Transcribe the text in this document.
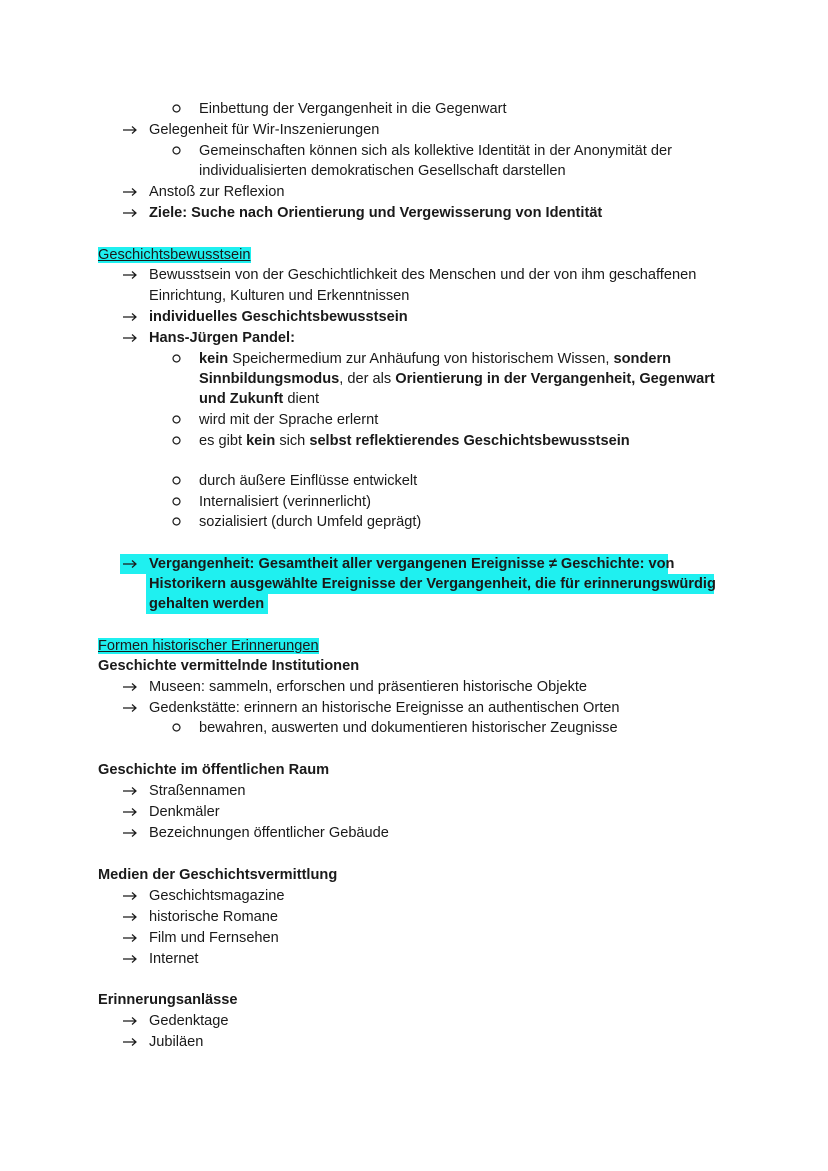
Einbettung der Vergangenheit in die Gegenwart
Gelegenheit für Wir-Inszenierungen
Gemeinschaften können sich als kollektive Identität in der Anonymität der
individualisierten demokratischen Gesellschaft darstellen
Anstoß zur Reflexion
Ziele: Suche nach Orientierung und Vergewisserung von Identität
Geschichtsbewusstsein
Bewusstsein von der Geschichtlichkeit des Menschen und der von ihm geschaffenen
Einrichtung, Kulturen und Erkenntnissen
individuelles Geschichtsbewusstsein
Hans-Jürgen Pandel:
kein Speichermedium zur Anhäufung von historischem Wissen, sondern
Sinnbildungsmodus, der als Orientierung in der Vergangenheit, Gegenwart
und Zukunft dient
wird mit der Sprache erlernt
es gibt kein sich selbst reflektierendes Geschichtsbewusstsein
durch äußere Einflüsse entwickelt
Internalisiert (verinnerlicht)
sozialisiert (durch Umfeld geprägt)
Vergangenheit: Gesamtheit aller vergangenen Ereignisse ≠ Geschichte: von
Historikern ausgewählte Ereignisse der Vergangenheit, die für erinnerungswürdig
gehalten werden
Formen historischer Erinnerungen
Geschichte vermittelnde Institutionen
Museen: sammeln, erforschen und präsentieren historische Objekte
Gedenkstätte: erinnern an historische Ereignisse an authentischen Orten
bewahren, auswerten und dokumentieren historischer Zeugnisse
Geschichte im öffentlichen Raum
Straßennamen
Denkmäler
Bezeichnungen öffentlicher Gebäude
Medien der Geschichtsvermittlung
Geschichtsmagazine
historische Romane
Film und Fernsehen
Internet
Erinnerungsanlässe
Gedenktage
Jubiläen
